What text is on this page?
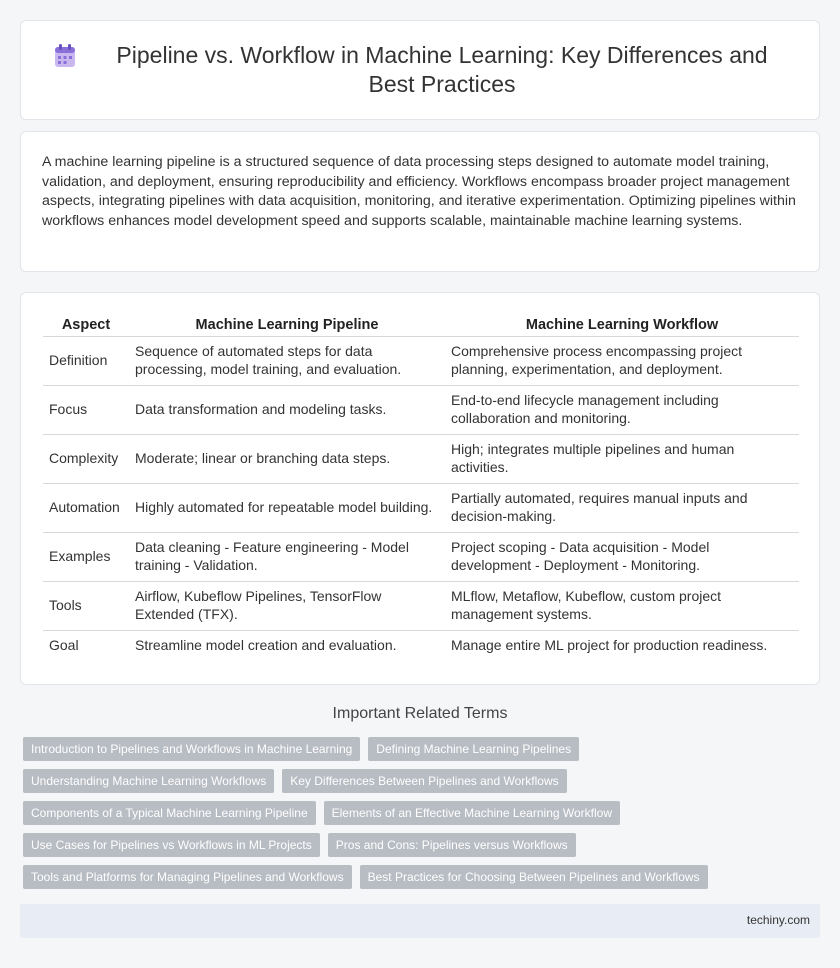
Pipeline vs. Workflow in Machine Learning: Key Differences and Best Practices

A machine learning pipeline is a structured sequence of data processing steps designed to automate model training, validation, and deployment, ensuring reproducibility and efficiency. Workflows encompass broader project management aspects, integrating pipelines with data acquisition, monitoring, and iterative experimentation. Optimizing pipelines within workflows enhances model development speed and supports scalable, maintainable machine learning systems.

Aspect	Machine Learning Pipeline	Machine Learning Workflow
Definition	Sequence of automated steps for data processing, model training, and evaluation.	Comprehensive process encompassing project planning, experimentation, and deployment.
Focus	Data transformation and modeling tasks.	End-to-end lifecycle management including collaboration and monitoring.
Complexity	Moderate; linear or branching data steps.	High; integrates multiple pipelines and human activities.
Automation	Highly automated for repeatable model building.	Partially automated, requires manual inputs and decision-making.
Examples	Data cleaning - Feature engineering - Model training - Validation.	Project scoping - Data acquisition - Model development - Deployment - Monitoring.
Tools	Airflow, Kubeflow Pipelines, TensorFlow Extended (TFX).	MLflow, Metaflow, Kubeflow, custom project management systems.
Goal	Streamline model creation and evaluation.	Manage entire ML project for production readiness.
Important Related Terms
Introduction to Pipelines and Workflows in Machine Learning	Defining Machine Learning Pipelines
Understanding Machine Learning Workflows	Key Differences Between Pipelines and Workflows
Components of a Typical Machine Learning Pipeline	Elements of an Effective Machine Learning Workflow
Use Cases for Pipelines vs Workflows in ML Projects	Pros and Cons: Pipelines versus Workflows
Tools and Platforms for Managing Pipelines and Workflows	Best Practices for Choosing Between Pipelines and Workflows
techiny.com
